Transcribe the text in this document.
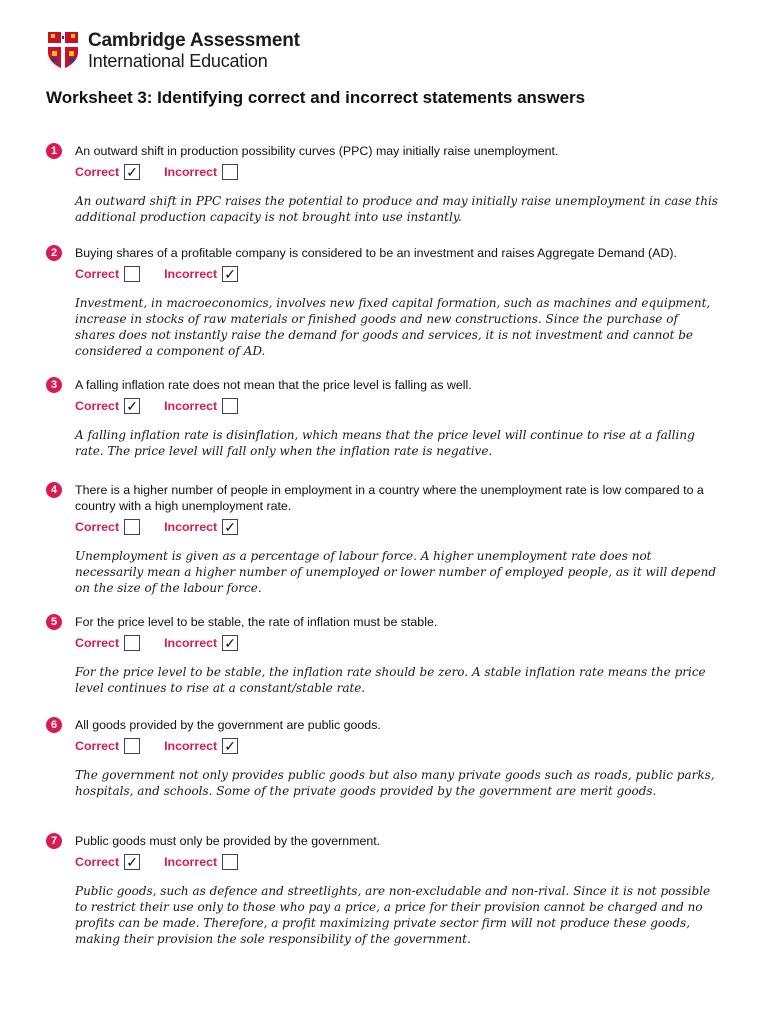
Cambridge Assessment
International Education
Worksheet 3: Identifying correct and incorrect statements answers
1	An outward shift in production possibility curves (PPC) may initially raise unemployment.
Correct ✓ Incorrect
An outward shift in PPC raises the potential to produce and may initially raise unemployment in case this additional production capacity is not brought into use instantly.
2	Buying shares of a profitable company is considered to be an investment and raises Aggregate Demand (AD).
Correct	Incorrect ✓
Investment, in macroeconomics, involves new fixed capital formation, such as machines and equipment, increase in stocks of raw materials or finished goods and new constructions. Since the purchase of shares does not instantly raise the demand for goods and services, it is not investment and cannot be considered a component of AD.
3	A falling inflation rate does not mean that the price level is falling as well.
Correct ✓ Incorrect
A falling inflation rate is disinflation, which means that the price level will continue to rise at a falling rate. The price level will fall only when the inflation rate is negative.
4	There is a higher number of people in employment in a country where the unemployment rate is low compared to a country with a high unemployment rate.
Correct	Incorrect ✓
Unemployment is given as a percentage of labour force. A higher unemployment rate does not necessarily mean a higher number of unemployed or lower number of employed people, as it will depend on the size of the labour force.
5	For the price level to be stable, the rate of inflation must be stable.
Correct	Incorrect ✓
For the price level to be stable, the inflation rate should be zero. A stable inflation rate means the price level continues to rise at a constant/stable rate.
6	All goods provided by the government are public goods.
Correct	Incorrect ✓
The government not only provides public goods but also many private goods such as roads, public parks, hospitals, and schools. Some of the private goods provided by the government are merit goods.
7	Public goods must only be provided by the government.
Correct ✓ Incorrect
Public goods, such as defence and streetlights, are non-excludable and non-rival. Since it is not possible to restrict their use only to those who pay a price, a price for their provision cannot be charged and no profits can be made. Therefore, a profit maximizing private sector firm will not produce these goods, making their provision the sole responsibility of the government.
